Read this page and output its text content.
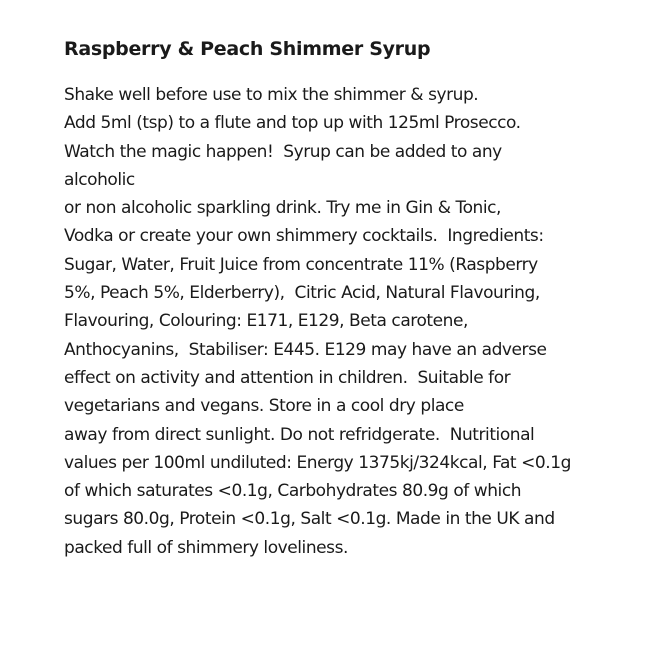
Raspberry & Peach Shimmer Syrup

Shake well before use to mix the shimmer & syrup.
Add 5ml (tsp) to a flute and top up with 125ml Prosecco.
Watch the magic happen!  Syrup can be added to any
alcoholic
or non alcoholic sparkling drink. Try me in Gin & Tonic,
Vodka or create your own shimmery cocktails.  Ingredients:
Sugar, Water, Fruit Juice from concentrate 11% (Raspberry
5%, Peach 5%, Elderberry),  Citric Acid, Natural Flavouring,
Flavouring, Colouring: E171, E129, Beta carotene,
Anthocyanins,  Stabiliser: E445. E129 may have an adverse
effect on activity and attention in children.  Suitable for
vegetarians and vegans. Store in a cool dry place
away from direct sunlight. Do not refridgerate.  Nutritional
values per 100ml undiluted: Energy 1375kj/324kcal, Fat <0.1g
of which saturates <0.1g, Carbohydrates 80.9g of which
sugars 80.0g, Protein <0.1g, Salt <0.1g. Made in the UK and
packed full of shimmery loveliness.
